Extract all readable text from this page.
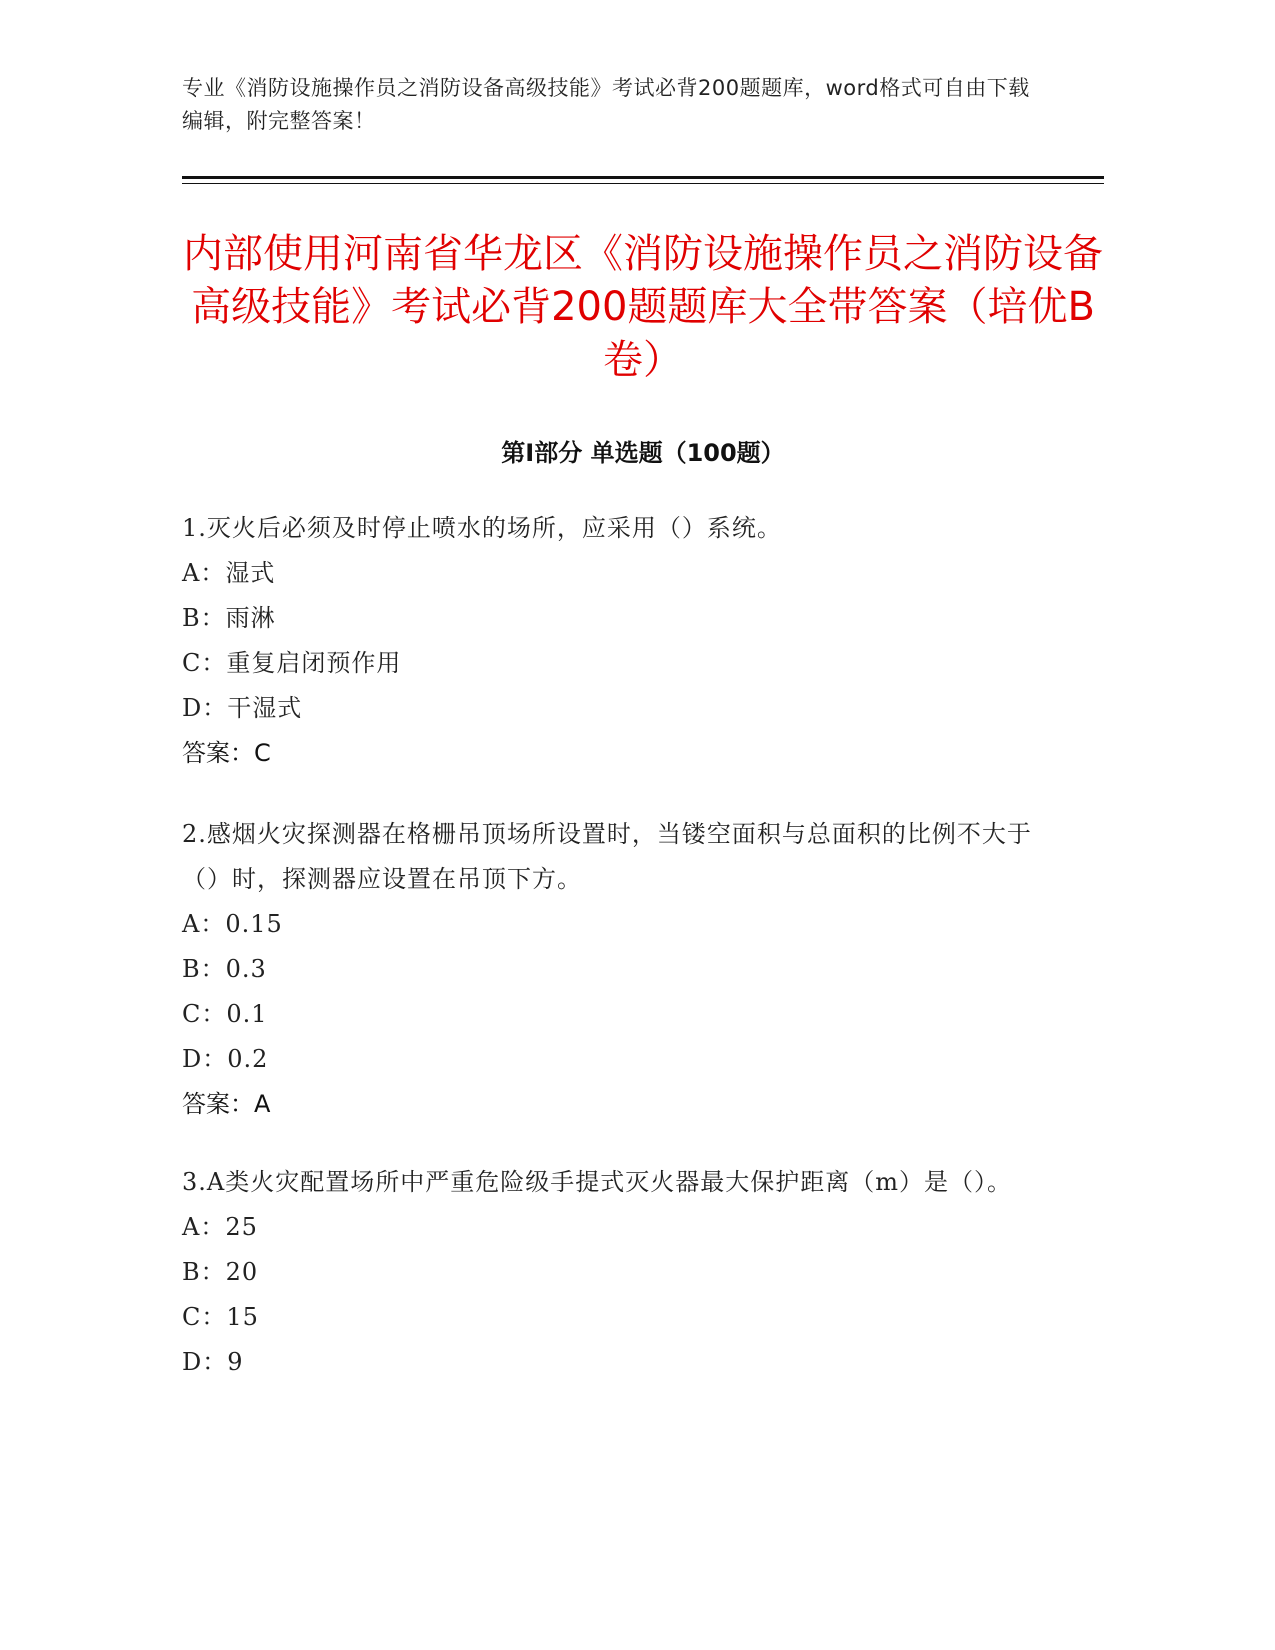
专业《消防设施操作员之消防设备高级技能》考试必背200题题库，word格式可自由下载编辑，附完整答案！
内部使用河南省华龙区《消防设施操作员之消防设备高级技能》考试必背200题题库大全带答案（培优B卷）
第I部分 单选题（100题）
1.灭火后必须及时停止喷水的场所，应采用（）系统。
A：湿式
B：雨淋
C：重复启闭预作用
D：干湿式
答案：C
2.感烟火灾探测器在格栅吊顶场所设置时，当镂空面积与总面积的比例不大于（）时，探测器应设置在吊顶下方。
A：0.15
B：0.3
C：0.1
D：0.2
答案：A
3.A类火灾配置场所中严重危险级手提式灭火器最大保护距离（m）是（）。
A：25
B：20
C：15
D：9
